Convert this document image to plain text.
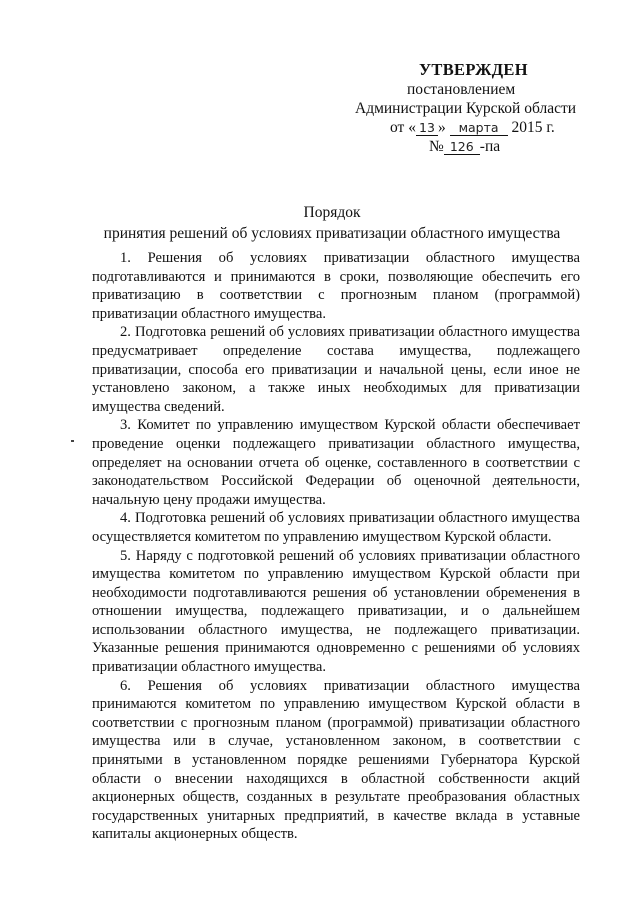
УТВЕРЖДЕН
постановлением
Администрации Курской области
от « 13 » марта 2015 г.
№ 126 -па
Порядок
принятия решений об условиях приватизации областного имущества

1. Решения об условиях приватизации областного имущества подготавливаются и принимаются в сроки, позволяющие обеспечить его приватизацию в соответствии с прогнозным планом (программой) приватизации областного имущества.

2. Подготовка решений об условиях приватизации областного имущества предусматривает определение состава имущества, подлежащего приватизации, способа его приватизации и начальной цены, если иное не установлено законом, а также иных необходимых для приватизации имущества сведений.

3. Комитет по управлению имуществом Курской области обеспечивает проведение оценки подлежащего приватизации областного имущества, определяет на основании отчета об оценке, составленного в соответствии с законодательством Российской Федерации об оценочной деятельности, начальную цену продажи имущества.

4. Подготовка решений об условиях приватизации областного имущества осуществляется комитетом по управлению имуществом Курской области.

5. Наряду с подготовкой решений об условиях приватизации областного имущества комитетом по управлению имуществом Курской области при необходимости подготавливаются решения об установлении обременения в отношении имущества, подлежащего приватизации, и о дальнейшем использовании областного имущества, не подлежащего приватизации. Указанные решения принимаются одновременно с решениями об условиях приватизации областного имущества.

6. Решения об условиях приватизации областного имущества принимаются комитетом по управлению имуществом Курской области в соответствии с прогнозным планом (программой) приватизации областного имущества или в случае, установленном законом, в соответствии с принятыми в установленном порядке решениями Губернатора Курской области о внесении находящихся в областной собственности акций акционерных обществ, созданных в результате преобразования областных государственных унитарных предприятий, в качестве вклада в уставные капиталы акционерных обществ.
